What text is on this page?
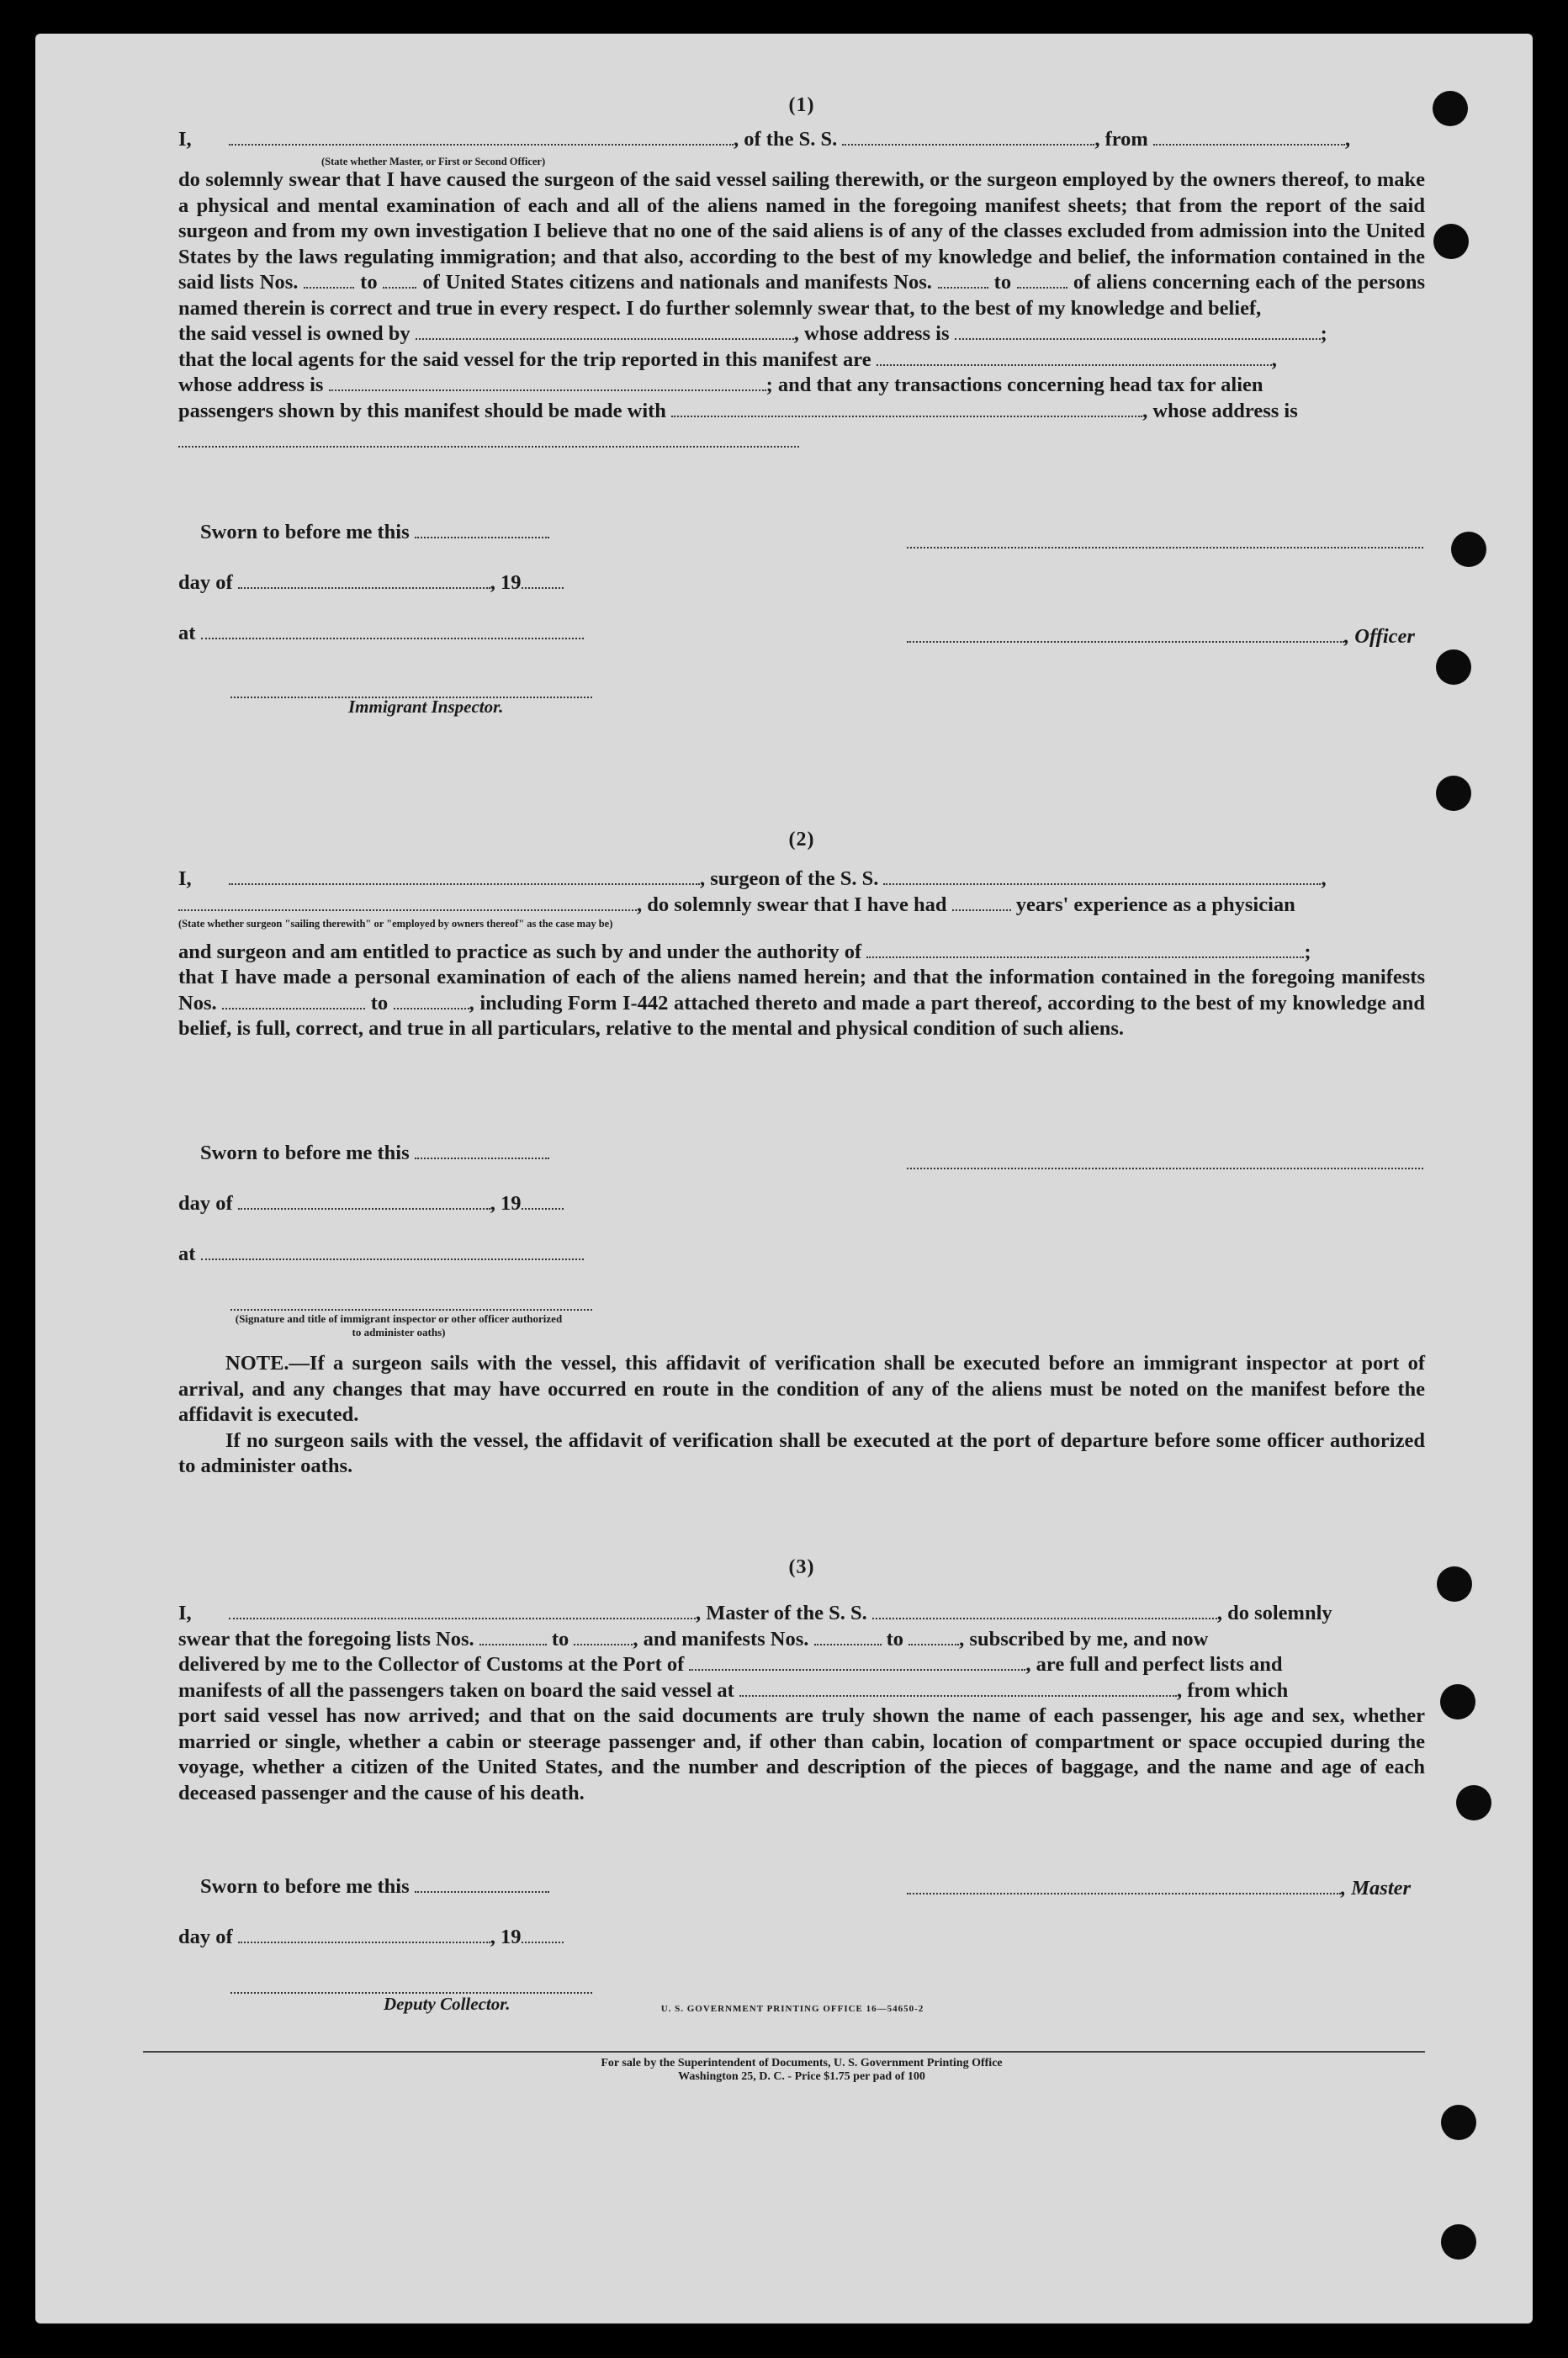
(1)

I,	, of the S. S.	, from	,

(State whether Master, or First or Second Officer)

do solemnly swear that I have caused the surgeon of the said vessel sailing therewith, or the surgeon employed by the owners thereof, to make a physical and mental examination of each and all of the aliens named in the foregoing manifest sheets; that from the report of the said surgeon and from my own investigation I believe that no one of the said aliens is of any of the classes excluded from admission into the United States by the laws regulating immigration; and that also, according to the best of my knowledge and belief, the information contained in the said lists Nos.	to of United States citizens and nationals and manifests Nos.	to	of aliens concerning each of the persons named therein is correct and true in every respect. I do further solemnly swear that, to the best of my knowledge and belief,

the said vessel is owned by	, whose address is	;

that the local agents for the said vessel for the trip reported in this manifest are	,

whose address is	; and that any transactions concerning head tax for alien

passengers shown by this manifest should be made with	, whose address is

Sworn to before me this
day of	, 19
at
Immigrant Inspector.
, Officer
(2)

I,	, surgeon of the S. S.	,

, do solemnly swear that I have had	years' experience as a physician

(State whether surgeon "sailing therewith" or "employed by owners thereof" as the case may be)

and surgeon and am entitled to practice as such by and under the authority of	;

that I have made a personal examination of each of the aliens named herein; and that the information contained in the foregoing manifests Nos.	to	, including Form I-442 attached thereto and made a part thereof, according to the best of my knowledge and belief, is full, correct, and true in all particulars, relative to the mental and physical condition of such aliens.

Sworn to before me this
day of	, 19
at
(Signature and title of immigrant inspector or other officer authorized to administer oaths)

NOTE.—If a surgeon sails with the vessel, this affidavit of verification shall be executed before an immigrant inspector at port of arrival, and any changes that may have occurred en route in the condition of any of the aliens must be noted on the manifest before the affidavit is executed.

If no surgeon sails with the vessel, the affidavit of verification shall be executed at the port of departure before some officer authorized to administer oaths.

(3)

I,	, Master of the S. S.	, do solemnly

swear that the foregoing lists Nos.	to	, and manifests Nos.	to	, subscribed by me, and now

delivered by me to the Collector of Customs at the Port of	, are full and perfect lists and

manifests of all the passengers taken on board the said vessel at	, from which

port said vessel has now arrived; and that on the said documents are truly shown the name of each passenger, his age and sex, whether married or single, whether a cabin or steerage passenger and, if other than cabin, location of compartment or space occupied during the voyage, whether a citizen of the United States, and the number and description of the pieces of baggage, and the name and age of each deceased passenger and the cause of his death.

Sworn to before me this	, Master
day of	, 19
Deputy Collector.	U. S. GOVERNMENT PRINTING OFFICE 16—54650-2
For sale by the Superintendent of Documents, U. S. Government Printing Office
Washington 25, D. C. - Price $1.75 per pad of 100
